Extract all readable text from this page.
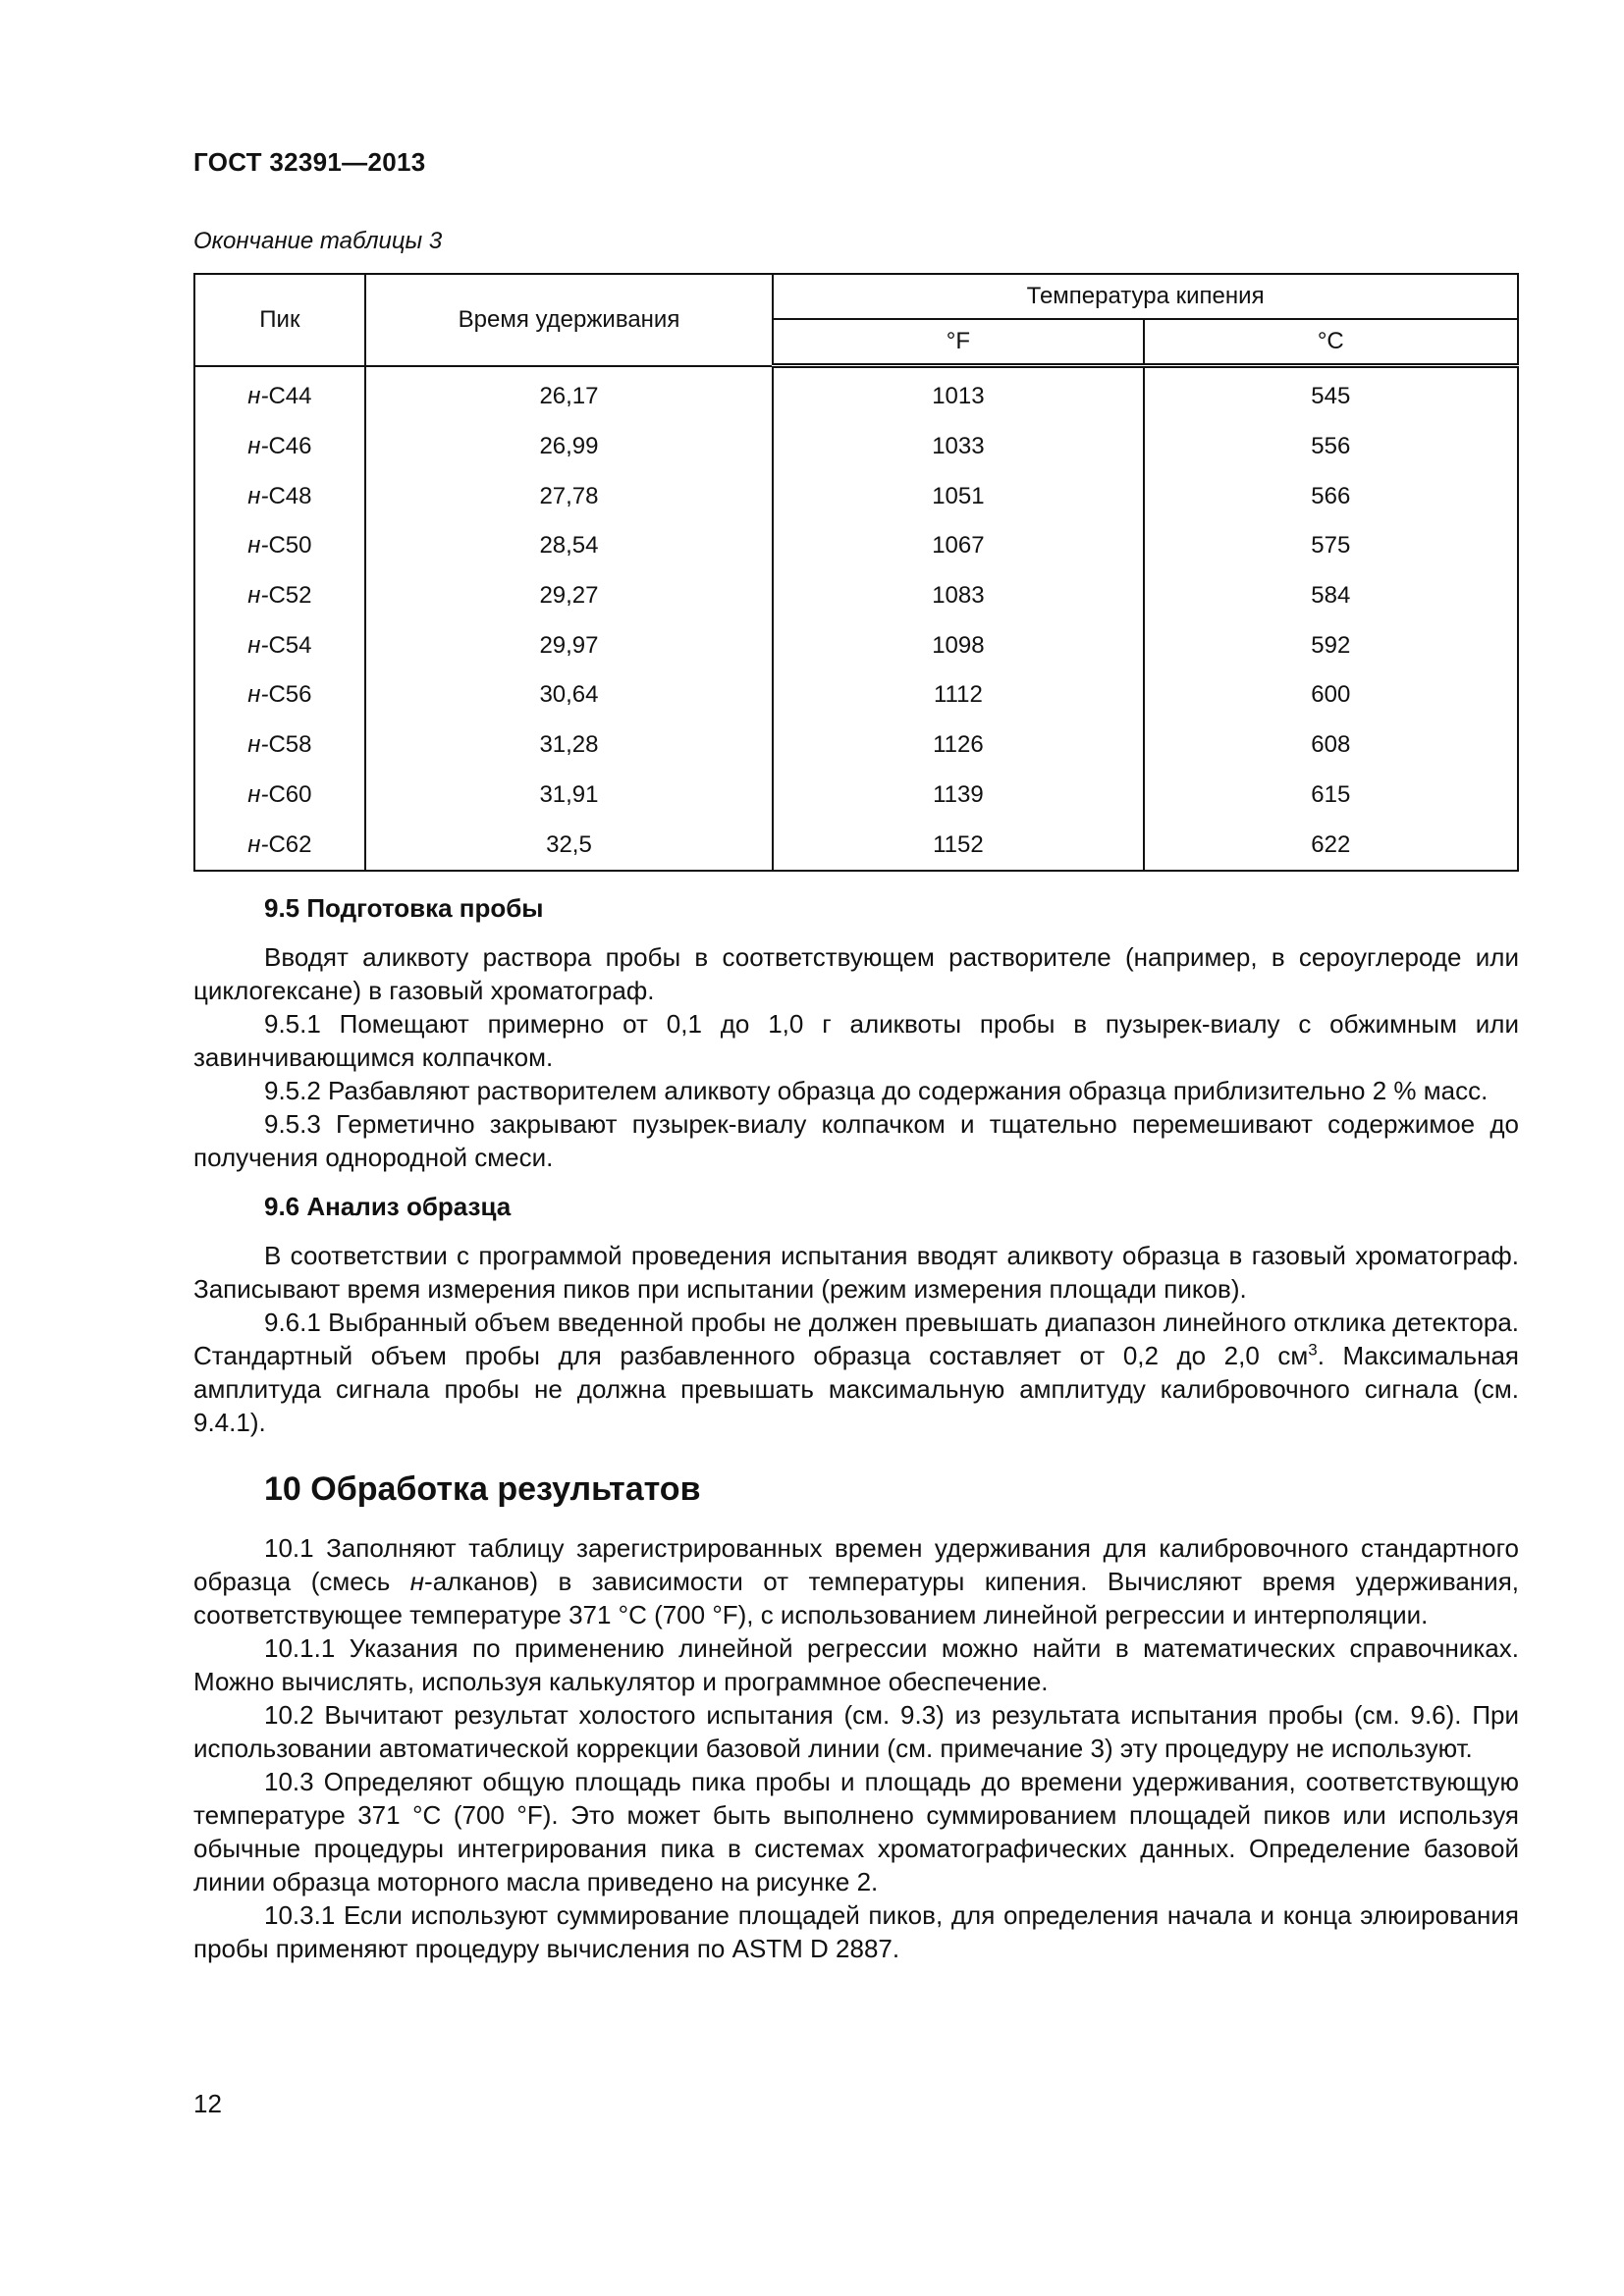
ГОСТ 32391—2013
Окончание таблицы 3
Пик	Время удерживания	Температура кипения	
		°F	°С
н-С44	26,17	1013	545
н-С46	26,99	1033	556
н-С48	27,78	1051	566
н-С50	28,54	1067	575
н-С52	29,27	1083	584
н-С54	29,97	1098	592
н-С56	30,64	1112	600
н-С58	31,28	1126	608
н-С60	31,91	1139	615
н-С62	32,5	1152	622
9.5 Подготовка пробы

Вводят аликвоту раствора пробы в соответствующем растворителе (например, в сероуглероде или циклогексане) в газовый хроматограф.

9.5.1 Помещают примерно от 0,1 до 1,0 г аликвоты пробы в пузырек-виалу с обжимным или завинчивающимся колпачком.

9.5.2 Разбавляют растворителем аликвоту образца до содержания образца приблизительно 2 % масс.

9.5.3 Герметично закрывают пузырек-виалу колпачком и тщательно перемешивают содержимое до получения однородной смеси.

9.6 Анализ образца

В соответствии с программой проведения испытания вводят аликвоту образца в газовый хроматограф. Записывают время измерения пиков при испытании (режим измерения площади пиков).

9.6.1 Выбранный объем введенной пробы не должен превышать диапазон линейного отклика детектора. Стандартный объем пробы для разбавленного образца составляет от 0,2 до 2,0 $см^3$. Максимальная амплитуда сигнала пробы не должна превышать максимальную амплитуду калибровочного сигнала (см. 9.4.1).

10 Обработка результатов

10.1 Заполняют таблицу зарегистрированных времен удерживания для калибровочного стандартного образца (смесь н-алканов) в зависимости от температуры кипения. Вычисляют время удерживания, соответствующее температуре 371 °С (700 °F), с использованием линейной регрессии и интерполяции.

10.1.1 Указания по применению линейной регрессии можно найти в математических справочниках. Можно вычислять, используя калькулятор и программное обеспечение.

10.2 Вычитают результат холостого испытания (см. 9.3) из результата испытания пробы (см. 9.6). При использовании автоматической коррекции базовой линии (см. примечание 3) эту процедуру не используют.

10.3 Определяют общую площадь пика пробы и площадь до времени удерживания, соответствующую температуре 371 °С (700 °F). Это может быть выполнено суммированием площадей пиков или используя обычные процедуры интегрирования пика в системах хроматографических данных. Определение базовой линии образца моторного масла приведено на рисунке 2.

10.3.1 Если используют суммирование площадей пиков, для определения начала и конца элюирования пробы применяют процедуру вычисления по ASTM D 2887.

12
